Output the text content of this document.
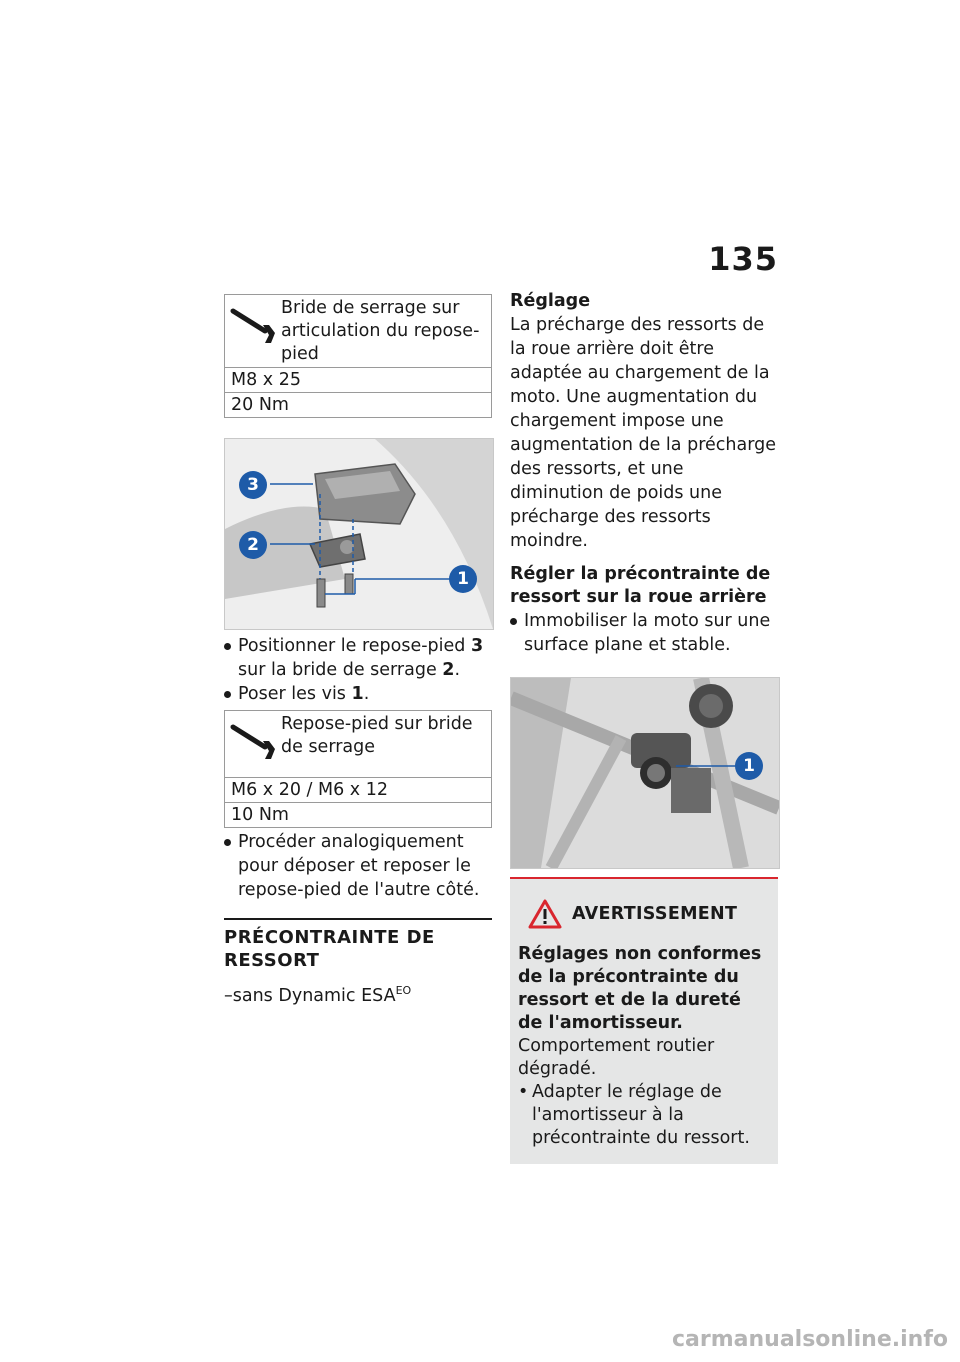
135
Bride de serrage sur articulation du repose-pied
M8 x 25
20 Nm
3
2
1
Positionner le repose-pied 3 sur la bride de serrage 2.
Poser les vis 1.
Repose-pied sur bride de serrage
M6 x 20 / M6 x 12
10 Nm
Procéder analogiquement pour déposer et reposer le repose-pied de l'autre côté.
PRÉCONTRAINTE DE RESSORT
–sans Dynamic $ESA^{EO}$
Réglage

La précharge des ressorts de la roue arrière doit être adaptée au chargement de la moto. Une augmentation du chargement impose une augmentation de la précharge des ressorts, et une diminution de poids une précharge des ressorts moindre.

Régler la précontrainte de ressort sur la roue arrière
Immobiliser la moto sur une surface plane et stable.
1
AVERTISSEMENT
Réglages non conformes de la précontrainte du ressort et de la dureté de l'amortisseur.
Comportement routier dégradé.
• Adapter le réglage de l'amortisseur à la précontrainte du ressort.
carmanualsonline.info
